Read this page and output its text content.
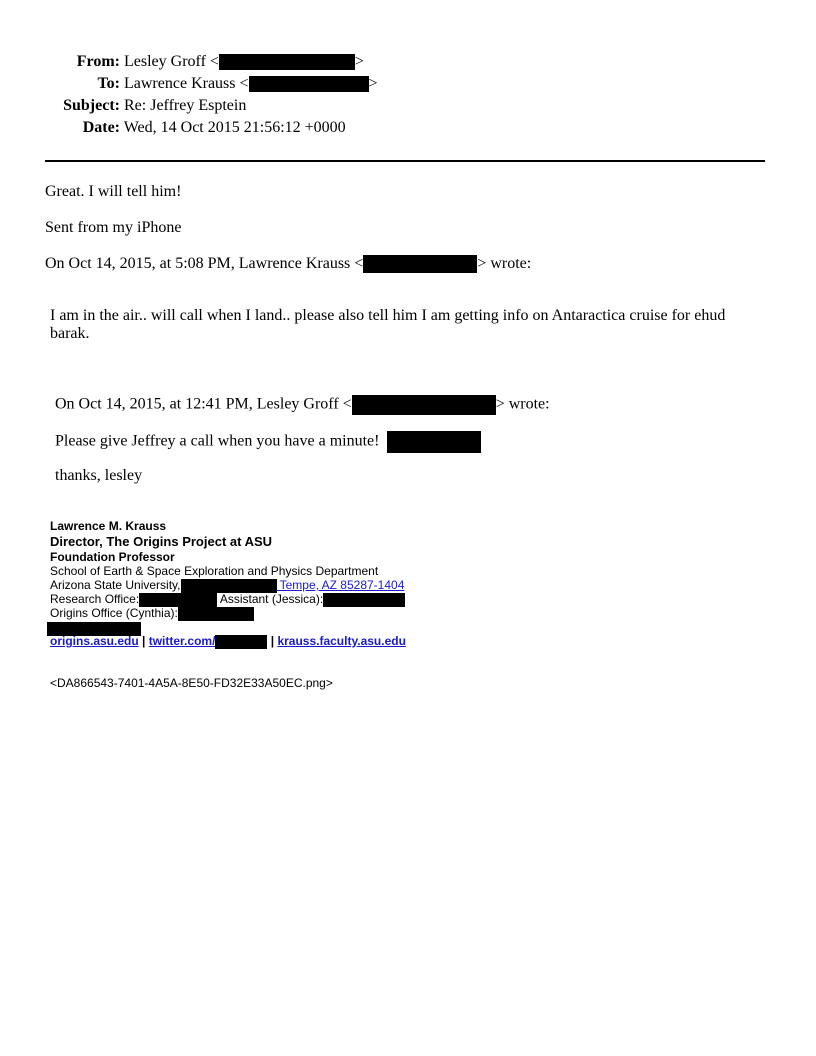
From: Lesley Groff <	>
To: Lawrence Krauss <	>
Subject: Re: Jeffrey Esptein
Date: Wed, 14 Oct 2015 21:56:12 +0000
Great. I will tell him!
Sent from my iPhone
On Oct 14, 2015, at 5:08 PM, Lawrence Krauss <	> wrote:
I am in the air.. will call when I land.. please also tell him I am getting info on Antaractica cruise for ehud barak.
On Oct 14, 2015, at 12:41 PM, Lesley Groff <	> wrote:
Please give Jeffrey a call when you have a minute!
thanks, lesley
Lawrence M. Krauss
Director, The Origins Project at ASU
Foundation Professor
School of Earth & Space Exploration and Physics Department
Arizona State University,	Tempe, AZ 85287-1404
Research Office:	Assistant (Jessica):
Origins Office (Cynthia):
origins.asu.edu | twitter.com/	| krauss.faculty.asu.edu
<DA866543-7401-4A5A-8E50-FD32E33A50EC.png>
